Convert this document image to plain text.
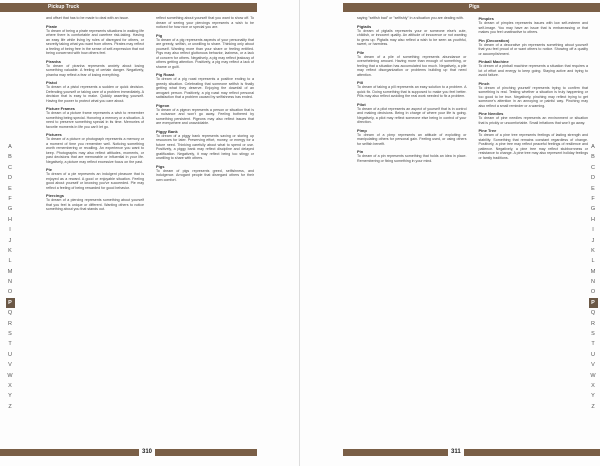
Pickup Truck

and offset that has to be made to deal with an issue.

Pirate

To dream of being a pirate represents situations in waking life where there is comfortable and carefree risk-taking. Having an easy life while living by rules of disregard for others, or secretly taking what you want from others. Pirates may reflect a feeling of being free in the sense of self-expression that not being concerned with how others feel.

Piranha

To dream of piranha represents anxiety about losing something valuable. A feeling of certain danger. Negatively, piranha may reflect a fear of losing everything.

Pistol

To dream of a pistol represents a sudden or quick decision. Defending yourself or taking care of a problem immediately. A decision that is easy to make. Quickly asserting yourself. Having the power to protect what you care about.

Picture Frames

To dream of a picture frame represents a wish to remember something being special. Honoring a memory or a situation. A need to preserve something special in its time. Memories of favorite moments in life you can't let go.

Pictures

To dream of a picture or photograph represents a memory or a moment of time you remember well. Noticing something worth remembering or recalling. An experience you want to keep. Photographs may also reflect attitudes, moments, or past decisions that are memorable or influential in your life. Negatively, a picture may reflect excessive focus on the past.

Pie

To dream of a pie represents an indulgent pleasure that is enjoyed as a reward. A good or enjoyable situation. Feeling good about yourself or knowing you've succeeded. Pie may reflect a feeling of being rewarded for good behavior.

Piercings

To dream of a piercing represents something about yourself that you feel is unique or different. Wanting others to notice something about you that stands out.

reflect something about yourself that you want to show off. To dream of seeing your piercings represents a wish to be noticed for how nice or special you are.

Pig

To dream of a pig represents aspects of your personality that are greedy, selfish, or unwilling to share. Thinking only about yourself. Wanting more than your share or feeling entitled. Pigs may also reflect gluttonous behavior, laziness, or a lack of concern for others. Negatively, a pig may reflect jealousy of others getting attention. Positively, a pig may reflect a lack of shame or guilt.

Pig Roast

To dream of a pig roast represents a positive ending to a greedy situation. Celebrating that someone selfish is finally getting what they deserve. Enjoying the downfall of an arrogant person. Positively, a pig roast may reflect personal satisfaction that a problem caused by selfishness has ended.

Pigeon

To dream of a pigeon represents a person or situation that is a nuisance and won't go away. Feeling bothered by something persistent. Pigeons may also reflect issues that are everywhere and unavoidable.

Piggy Bank

To dream of a piggy bank represents saving or storing up resources for later. Preserving effort, money, or energy for a future need. Thinking carefully about what to spend or use. Positively, a piggy bank may reflect discipline and delayed gratification. Negatively, it may reflect being too stingy or unwilling to share with others.

Pigs

To dream of pigs represents greed, selfishness, and indulgence. Arrogant people that disregard others for their own comfort.

A
B
C
D
E
F
G
H
I
J
K
L
M
N
O
P
Q
R
S
T
U
V
W
X
Y
Z
310
Pigs

saying "selfish bad" or "selfishly" in a situation you are dealing with.

Pigtails

To dream of pigtails represents your or someone else's cute, childish, or innocent quality. An attitude of innocence or not wanting to grow up. Pigtails may also reflect a wish to be seen as youthful, sweet, or harmless.

Pile

To dream of a pile of something represents abundance or overwhelming amount. Having more than enough of something, or feeling that a situation has accumulated too much. Negatively, a pile may reflect disorganization or problems building up that need attention.

Pill

To dream of taking a pill represents an easy solution to a problem. A quick fix. Doing something that is supposed to make you feel better. Pills may also reflect avoiding the real work needed to fix a problem.

Pilot

To dream of a pilot represents an aspect of yourself that is in control and making decisions. Being in charge of where your life is going. Negatively, a pilot may reflect someone else being in control of your direction.

Pimp

To dream of a pimp represents an attitude of exploiting or manipulating others for personal gain. Feeling used, or using others for selfish benefit.

Pin

To dream of a pin represents something that holds an idea in place. Remembering or fixing something in your mind.

Pimples

To dream of pimples represents issues with low self-esteem and self-image. You may have an issue that is embarrassing or that makes you feel unattractive to others.

Pin (Decoration)

To dream of a decorative pin represents something about yourself that you feel proud of or want others to notice. Showing off a quality or accomplishment.

Pinball Machine

To dream of a pinball machine represents a situation that requires a lot of effort and energy to keep going. Staying active and trying to avoid failure.

Pinch

To dream of pinching yourself represents trying to confirm that something is real. Testing whether a situation is truly happening or too good to be true. Negatively, pinching may reflect trying to get someone's attention in an annoying or painful way. Pinching may also reflect a small reminder or a warning.

Pine Needles

To dream of pine needles represents an environment or situation that is prickly or uncomfortable. Small irritations that won't go away.

Pine Tree

To dream of a pine tree represents feelings of lasting strength and stability. Something that remains constant regardless of change. Positively, a pine tree may reflect peaceful feelings of resilience and patience. Negatively, a pine tree may reflect stubbornness or resistance to change. A pine tree may also represent holiday feelings or family traditions.

A
B
C
D
E
F
G
H
I
J
K
L
M
N
O
P
Q
R
S
T
U
V
W
X
Y
Z
311
